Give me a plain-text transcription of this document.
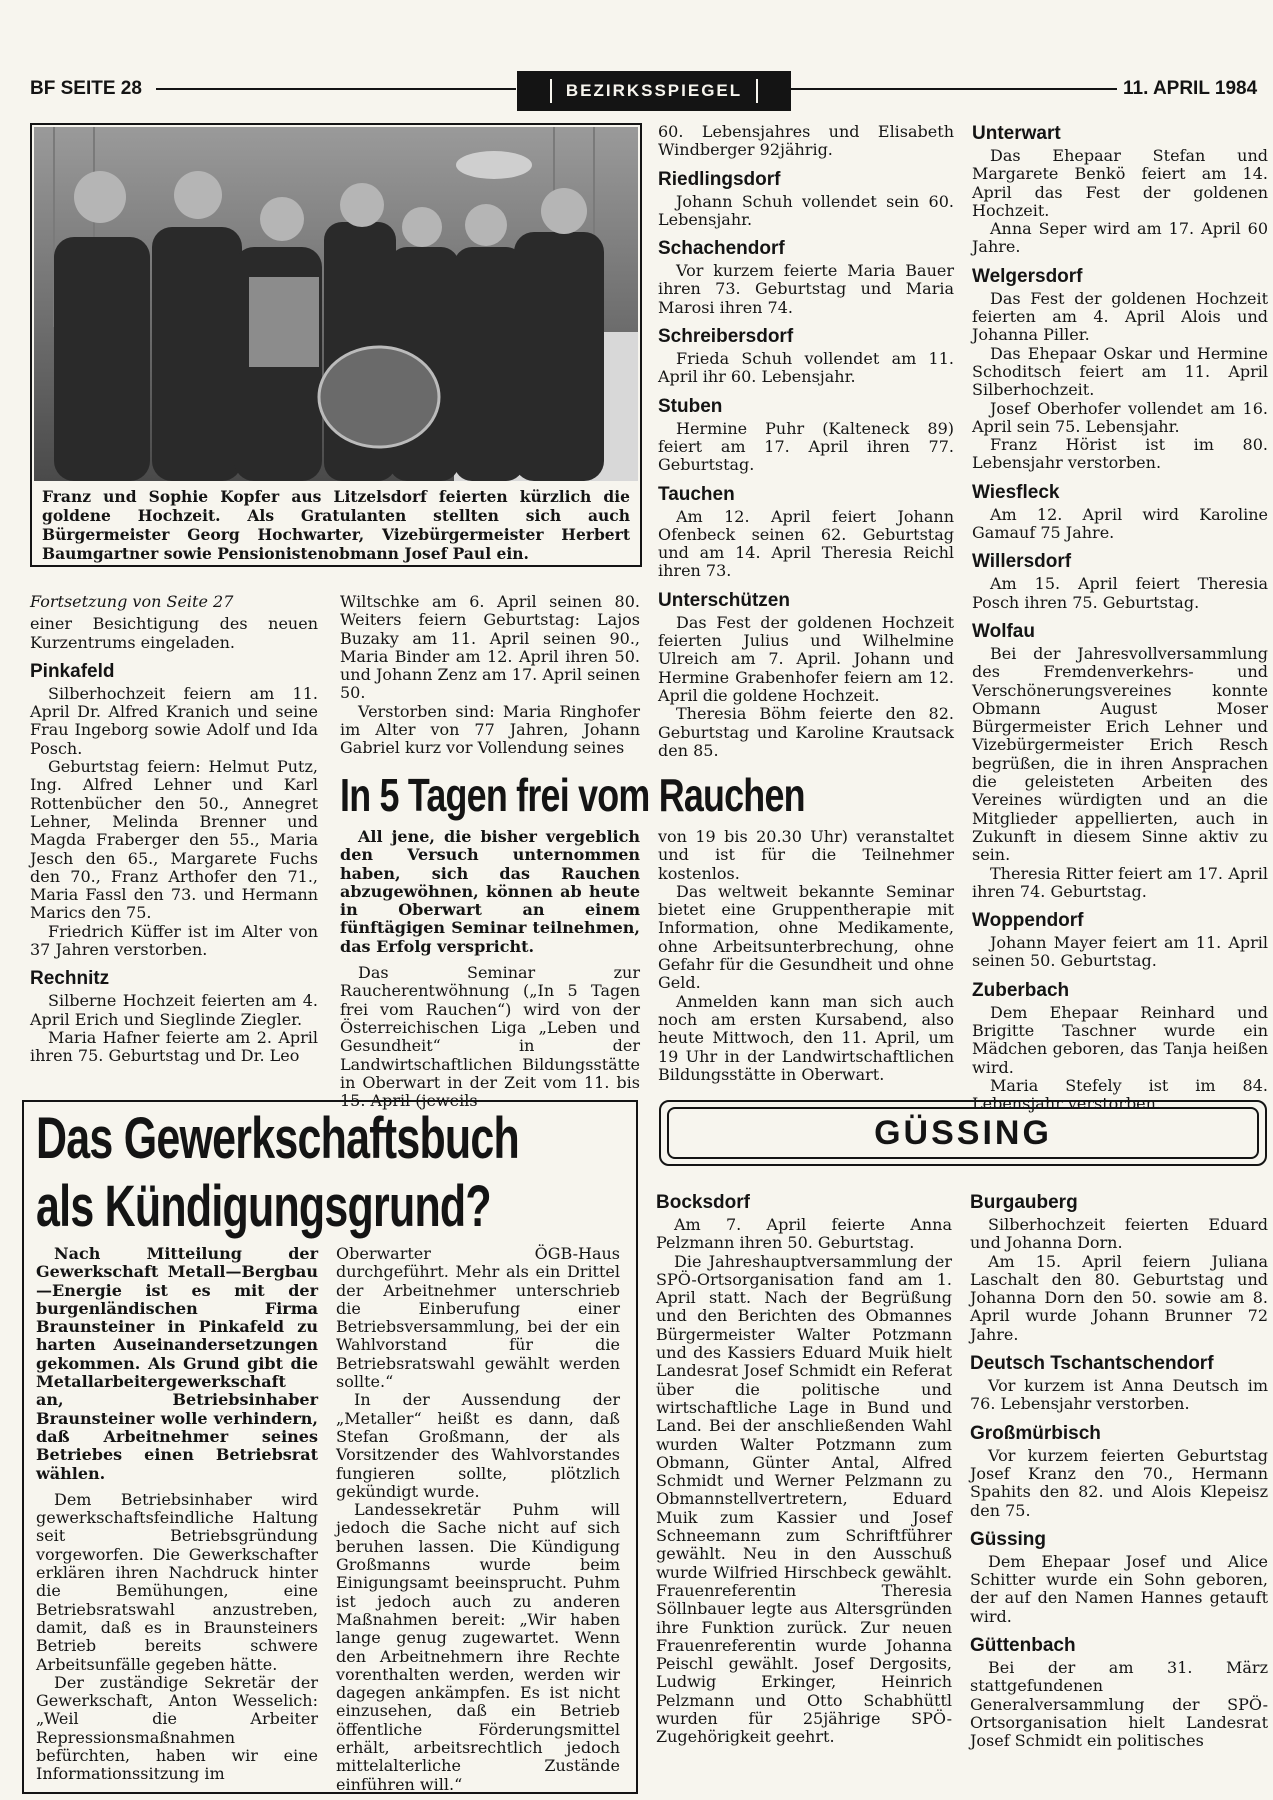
BF SEITE 28	BEZIRKSSPIEGEL	11. APRIL 1984
Franz und Sophie Kopfer aus Litzelsdorf feierten kürzlich die goldene Hochzeit. Als Gratulanten stellten sich auch Bürgermeister Georg Hochwarter, Vizebürgermeister Herbert Baumgartner sowie Pensionistenobmann Josef Paul ein.

Fortsetzung von Seite 27

einer Besichtigung des neuen Kurzentrums eingeladen.

Pinkafeld

Silberhochzeit feiern am 11. April Dr. Alfred Kranich und seine Frau Ingeborg sowie Adolf und Ida Posch.

Geburtstag feiern: Helmut Putz, Ing. Alfred Lehner und Karl Rottenbücher den 50., Annegret Lehner, Melinda Brenner und Magda Fraberger den 55., Maria Jesch den 65., Margarete Fuchs den 70., Franz Arthofer den 71., Maria Fassl den 73. und Hermann Marics den 75.

Friedrich Küffer ist im Alter von 37 Jahren verstorben.

Rechnitz

Silberne Hochzeit feierten am 4. April Erich und Sieglinde Ziegler.

Maria Hafner feierte am 2. April ihren 75. Geburtstag und Dr. Leo

Wiltschke am 6. April seinen 80. Weiters feiern Geburtstag: Lajos Buzaky am 11. April seinen 90., Maria Binder am 12. April ihren 50. und Johann Zenz am 17. April seinen 50.

Verstorben sind: Maria Ringhofer im Alter von 77 Jahren, Johann Gabriel kurz vor Vollendung seines

In 5 Tagen frei vom Rauchen

All jene, die bisher vergeblich den Versuch unternommen haben, sich das Rauchen abzugewöhnen, können ab heute in Oberwart an einem fünftägigen Seminar teilnehmen, das Erfolg verspricht.

Das Seminar zur Raucherentwöhnung („In 5 Tagen frei vom Rauchen“) wird von der Österreichischen Liga „Leben und Gesundheit“ in der Landwirtschaftlichen Bildungsstätte in Oberwart in der Zeit vom 11. bis 15. April (jeweils

von 19 bis 20.30 Uhr) veranstaltet und ist für die Teilnehmer kostenlos.

Das weltweit bekannte Seminar bietet eine Gruppentherapie mit Information, ohne Medikamente, ohne Arbeitsunterbrechung, ohne Gefahr für die Gesundheit und ohne Geld.

Anmelden kann man sich auch noch am ersten Kursabend, also heute Mittwoch, den 11. April, um 19 Uhr in der Landwirtschaftlichen Bildungsstätte in Oberwart.

60. Lebensjahres und Elisabeth Windberger 92jährig.

Riedlingsdorf

Johann Schuh vollendet sein 60. Lebensjahr.

Schachendorf

Vor kurzem feierte Maria Bauer ihren 73. Geburtstag und Maria Marosi ihren 74.

Schreibersdorf

Frieda Schuh vollendet am 11. April ihr 60. Lebensjahr.

Stuben

Hermine Puhr (Kalteneck 89) feiert am 17. April ihren 77. Geburtstag.

Tauchen

Am 12. April feiert Johann Ofenbeck seinen 62. Geburtstag und am 14. April Theresia Reichl ihren 73.

Unterschützen

Das Fest der goldenen Hochzeit feierten Julius und Wilhelmine Ulreich am 7. April. Johann und Hermine Grabenhofer feiern am 12. April die goldene Hochzeit.

Theresia Böhm feierte den 82. Geburtstag und Karoline Krautsack den 85.

Unterwart

Das Ehepaar Stefan und Margarete Benkö feiert am 14. April das Fest der goldenen Hochzeit.

Anna Seper wird am 17. April 60 Jahre.

Welgersdorf

Das Fest der goldenen Hochzeit feierten am 4. April Alois und Johanna Piller.

Das Ehepaar Oskar und Hermine Schoditsch feiert am 11. April Silberhochzeit.

Josef Oberhofer vollendet am 16. April sein 75. Lebensjahr.

Franz Hörist ist im 80. Lebensjahr verstorben.

Wiesfleck

Am 12. April wird Karoline Gamauf 75 Jahre.

Willersdorf

Am 15. April feiert Theresia Posch ihren 75. Geburtstag.

Wolfau

Bei der Jahresvollversammlung des Fremdenverkehrs- und Verschönerungsvereines konnte Obmann August Moser Bürgermeister Erich Lehner und Vizebürgermeister Erich Resch begrüßen, die in ihren Ansprachen die geleisteten Arbeiten des Vereines würdigten und an die Mitglieder appellierten, auch in Zukunft in diesem Sinne aktiv zu sein.

Theresia Ritter feiert am 17. April ihren 74. Geburtstag.

Woppendorf

Johann Mayer feiert am 11. April seinen 50. Geburtstag.

Zuberbach

Dem Ehepaar Reinhard und Brigitte Taschner wurde ein Mädchen geboren, das Tanja heißen wird.

Maria Stefely ist im 84. Lebensjahr verstorben.

Das Gewerkschaftsbuch
als Kündigungsgrund?

Nach Mitteilung der Gewerkschaft Metall—Bergbau—Energie ist es mit der burgenländischen Firma Braunsteiner in Pinkafeld zu harten Auseinandersetzungen gekommen. Als Grund gibt die Metallarbeitergewerkschaft an, Betriebsinhaber Braunsteiner wolle verhindern, daß Arbeitnehmer seines Betriebes einen Betriebsrat wählen.

Dem Betriebsinhaber wird gewerkschaftsfeindliche Haltung seit Betriebsgründung vorgeworfen. Die Gewerkschafter erklären ihren Nachdruck hinter die Bemühungen, eine Betriebsratswahl anzustreben, damit, daß es in Braunsteiners Betrieb bereits schwere Arbeitsunfälle gegeben hätte.

Der zuständige Sekretär der Gewerkschaft, Anton Wesselich: „Weil die Arbeiter Repressionsmaßnahmen befürchten, haben wir eine Informationssitzung im

Oberwarter ÖGB-Haus durchgeführt. Mehr als ein Drittel der Arbeitnehmer unterschrieb die Einberufung einer Betriebsversammlung, bei der ein Wahlvorstand für die Betriebsratswahl gewählt werden sollte.“

In der Aussendung der „Metaller“ heißt es dann, daß Stefan Großmann, der als Vorsitzender des Wahlvorstandes fungieren sollte, plötzlich gekündigt wurde.

Landessekretär Puhm will jedoch die Sache nicht auf sich beruhen lassen. Die Kündigung Großmanns wurde beim Einigungsamt beeinsprucht. Puhm ist jedoch auch zu anderen Maßnahmen bereit: „Wir haben lange genug zugewartet. Wenn den Arbeitnehmern ihre Rechte vorenthalten werden, werden wir dagegen ankämpfen. Es ist nicht einzusehen, daß ein Betrieb öffentliche Förderungsmittel erhält, arbeitsrechtlich jedoch mittelalterliche Zustände einführen will.“

GÜSSING
Bocksdorf

Am 7. April feierte Anna Pelzmann ihren 50. Geburtstag.

Die Jahreshauptversammlung der SPÖ-Ortsorganisation fand am 1. April statt. Nach der Begrüßung und den Berichten des Obmannes Bürgermeister Walter Potzmann und des Kassiers Eduard Muik hielt Landesrat Josef Schmidt ein Referat über die politische und wirtschaftliche Lage in Bund und Land. Bei der anschließenden Wahl wurden Walter Potzmann zum Obmann, Günter Antal, Alfred Schmidt und Werner Pelzmann zu Obmannstellvertretern, Eduard Muik zum Kassier und Josef Schneemann zum Schriftführer gewählt. Neu in den Ausschuß wurde Wilfried Hirschbeck gewählt. Frauenreferentin Theresia Söllnbauer legte aus Altersgründen ihre Funktion zurück. Zur neuen Frauenreferentin wurde Johanna Peischl gewählt. Josef Dergosits, Ludwig Erkinger, Heinrich Pelzmann und Otto Schabhüttl wurden für 25jährige SPÖ-Zugehörigkeit geehrt.

Burgauberg

Silberhochzeit feierten Eduard und Johanna Dorn.

Am 15. April feiern Juliana Laschalt den 80. Geburtstag und Johanna Dorn den 50. sowie am 8. April wurde Johann Brunner 72 Jahre.

Deutsch Tschantschendorf

Vor kurzem ist Anna Deutsch im 76. Lebensjahr verstorben.

Großmürbisch

Vor kurzem feierten Geburtstag Josef Kranz den 70., Hermann Spahits den 82. und Alois Klepeisz den 75.

Güssing

Dem Ehepaar Josef und Alice Schitter wurde ein Sohn geboren, der auf den Namen Hannes getauft wird.

Güttenbach

Bei der am 31. März stattgefundenen Generalversammlung der SPÖ-Ortsorganisation hielt Landesrat Josef Schmidt ein politisches
